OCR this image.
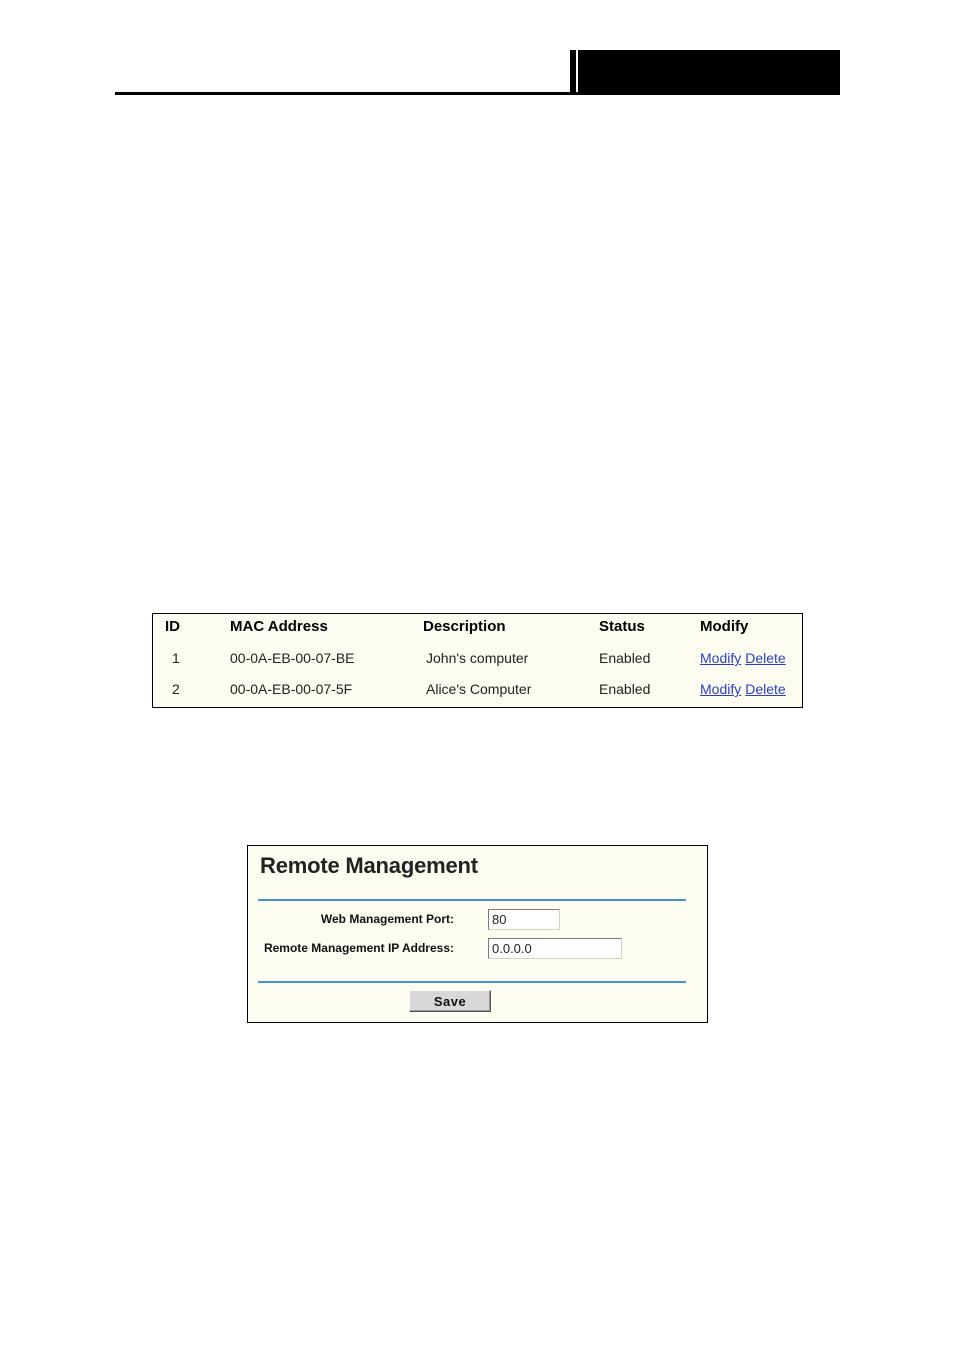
ID	MAC Address	Description	Status	Modify
1	00-0A-EB-00-07-BE	John's computer	Enabled	Modify Delete
2	00-0A-EB-00-07-5F	Alice's Computer	Enabled	Modify Delete
Remote Management
Web Management Port:
80
Remote Management IP Address:
0.0.0.0
Save
